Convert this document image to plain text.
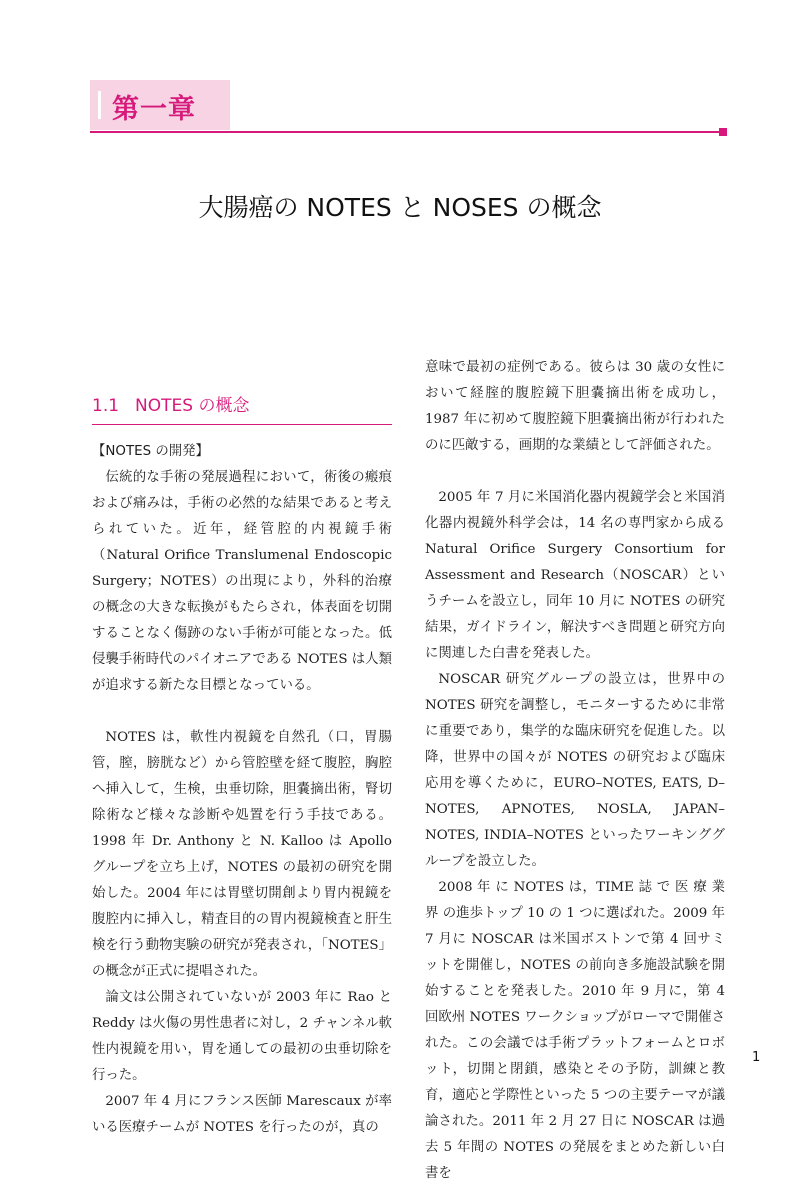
第一章
大腸癌の NOTES と NOSES の概念
1.1 NOTES の概念
【NOTES の開発】

伝統的な手術の発展過程において，術後の瘢痕および痛みは，手術の必然的な結果であると考えられていた。近年，経管腔的内視鏡手術（Natural Orifice Translumenal Endoscopic Surgery；NOTES）の出現により，外科的治療の概念の大きな転換がもたらされ，体表面を切開することなく傷跡のない手術が可能となった。低侵襲手術時代のパイオニアである NOTES は人類が追求する新たな目標となっている。

NOTES は，軟性内視鏡を自然孔（口，胃腸管，膣，膀胱など）から管腔壁を経て腹腔，胸腔へ挿入して，生検，虫垂切除，胆嚢摘出術，腎切除術など様々な診断や処置を行う手技である。1998 年 Dr. Anthony と N. Kalloo は Apollo グループを立ち上げ，NOTES の最初の研究を開始した。2004 年には胃壁切開創より胃内視鏡を腹腔内に挿入し，精査目的の胃内視鏡検査と肝生検を行う動物実験の研究が発表され，「NOTES」の概念が正式に提唱された。

論文は公開されていないが 2003 年に Rao と Reddy は火傷の男性患者に対し，2 チャンネル軟性内視鏡を用い，胃を通しての最初の虫垂切除を行った。

2007 年 4 月にフランス医師 Marescaux が率いる医療チームが NOTES を行ったのが，真の

意味で最初の症例である。彼らは 30 歳の女性において経腟的腹腔鏡下胆嚢摘出術を成功し，1987 年に初めて腹腔鏡下胆嚢摘出術が行われたのに匹敵する，画期的な業績として評価された。

2005 年 7 月に米国消化器内視鏡学会と米国消化器内視鏡外科学会は，14 名の専門家から成る Natural Orifice Surgery Consortium for Assessment and Research（NOSCAR）というチームを設立し，同年 10 月に NOTES の研究結果，ガイドライン，解決すべき問題と研究方向に関連した白書を発表した。

NOSCAR 研究グループの設立は，世界中の NOTES 研究を調整し，モニターするために非常に重要であり，集学的な臨床研究を促進した。以降，世界中の国々が NOTES の研究および臨床応用を導くために，EURO–NOTES, EATS, D–NOTES, APNOTES, NOSLA, JAPAN–NOTES, INDIA–NOTES といったワーキンググループを設立した。

2008 年 に NOTES は，TIME 誌 で 医 療 業 界 の進歩トップ 10 の 1 つに選ばれた。2009 年 7 月に NOSCAR は米国ボストンで第 4 回サミットを開催し，NOTES の前向き多施設試験を開始することを発表した。2010 年 9 月に，第 4 回欧州 NOTES ワークショップがローマで開催された。この会議では手術プラットフォームとロボット，切開と閉鎖，感染とその予防，訓練と教育，適応と学際性といった 5 つの主要テーマが議論された。2011 年 2 月 27 日に NOSCAR は過去 5 年間の NOTES の発展をまとめた新しい白書を

1
